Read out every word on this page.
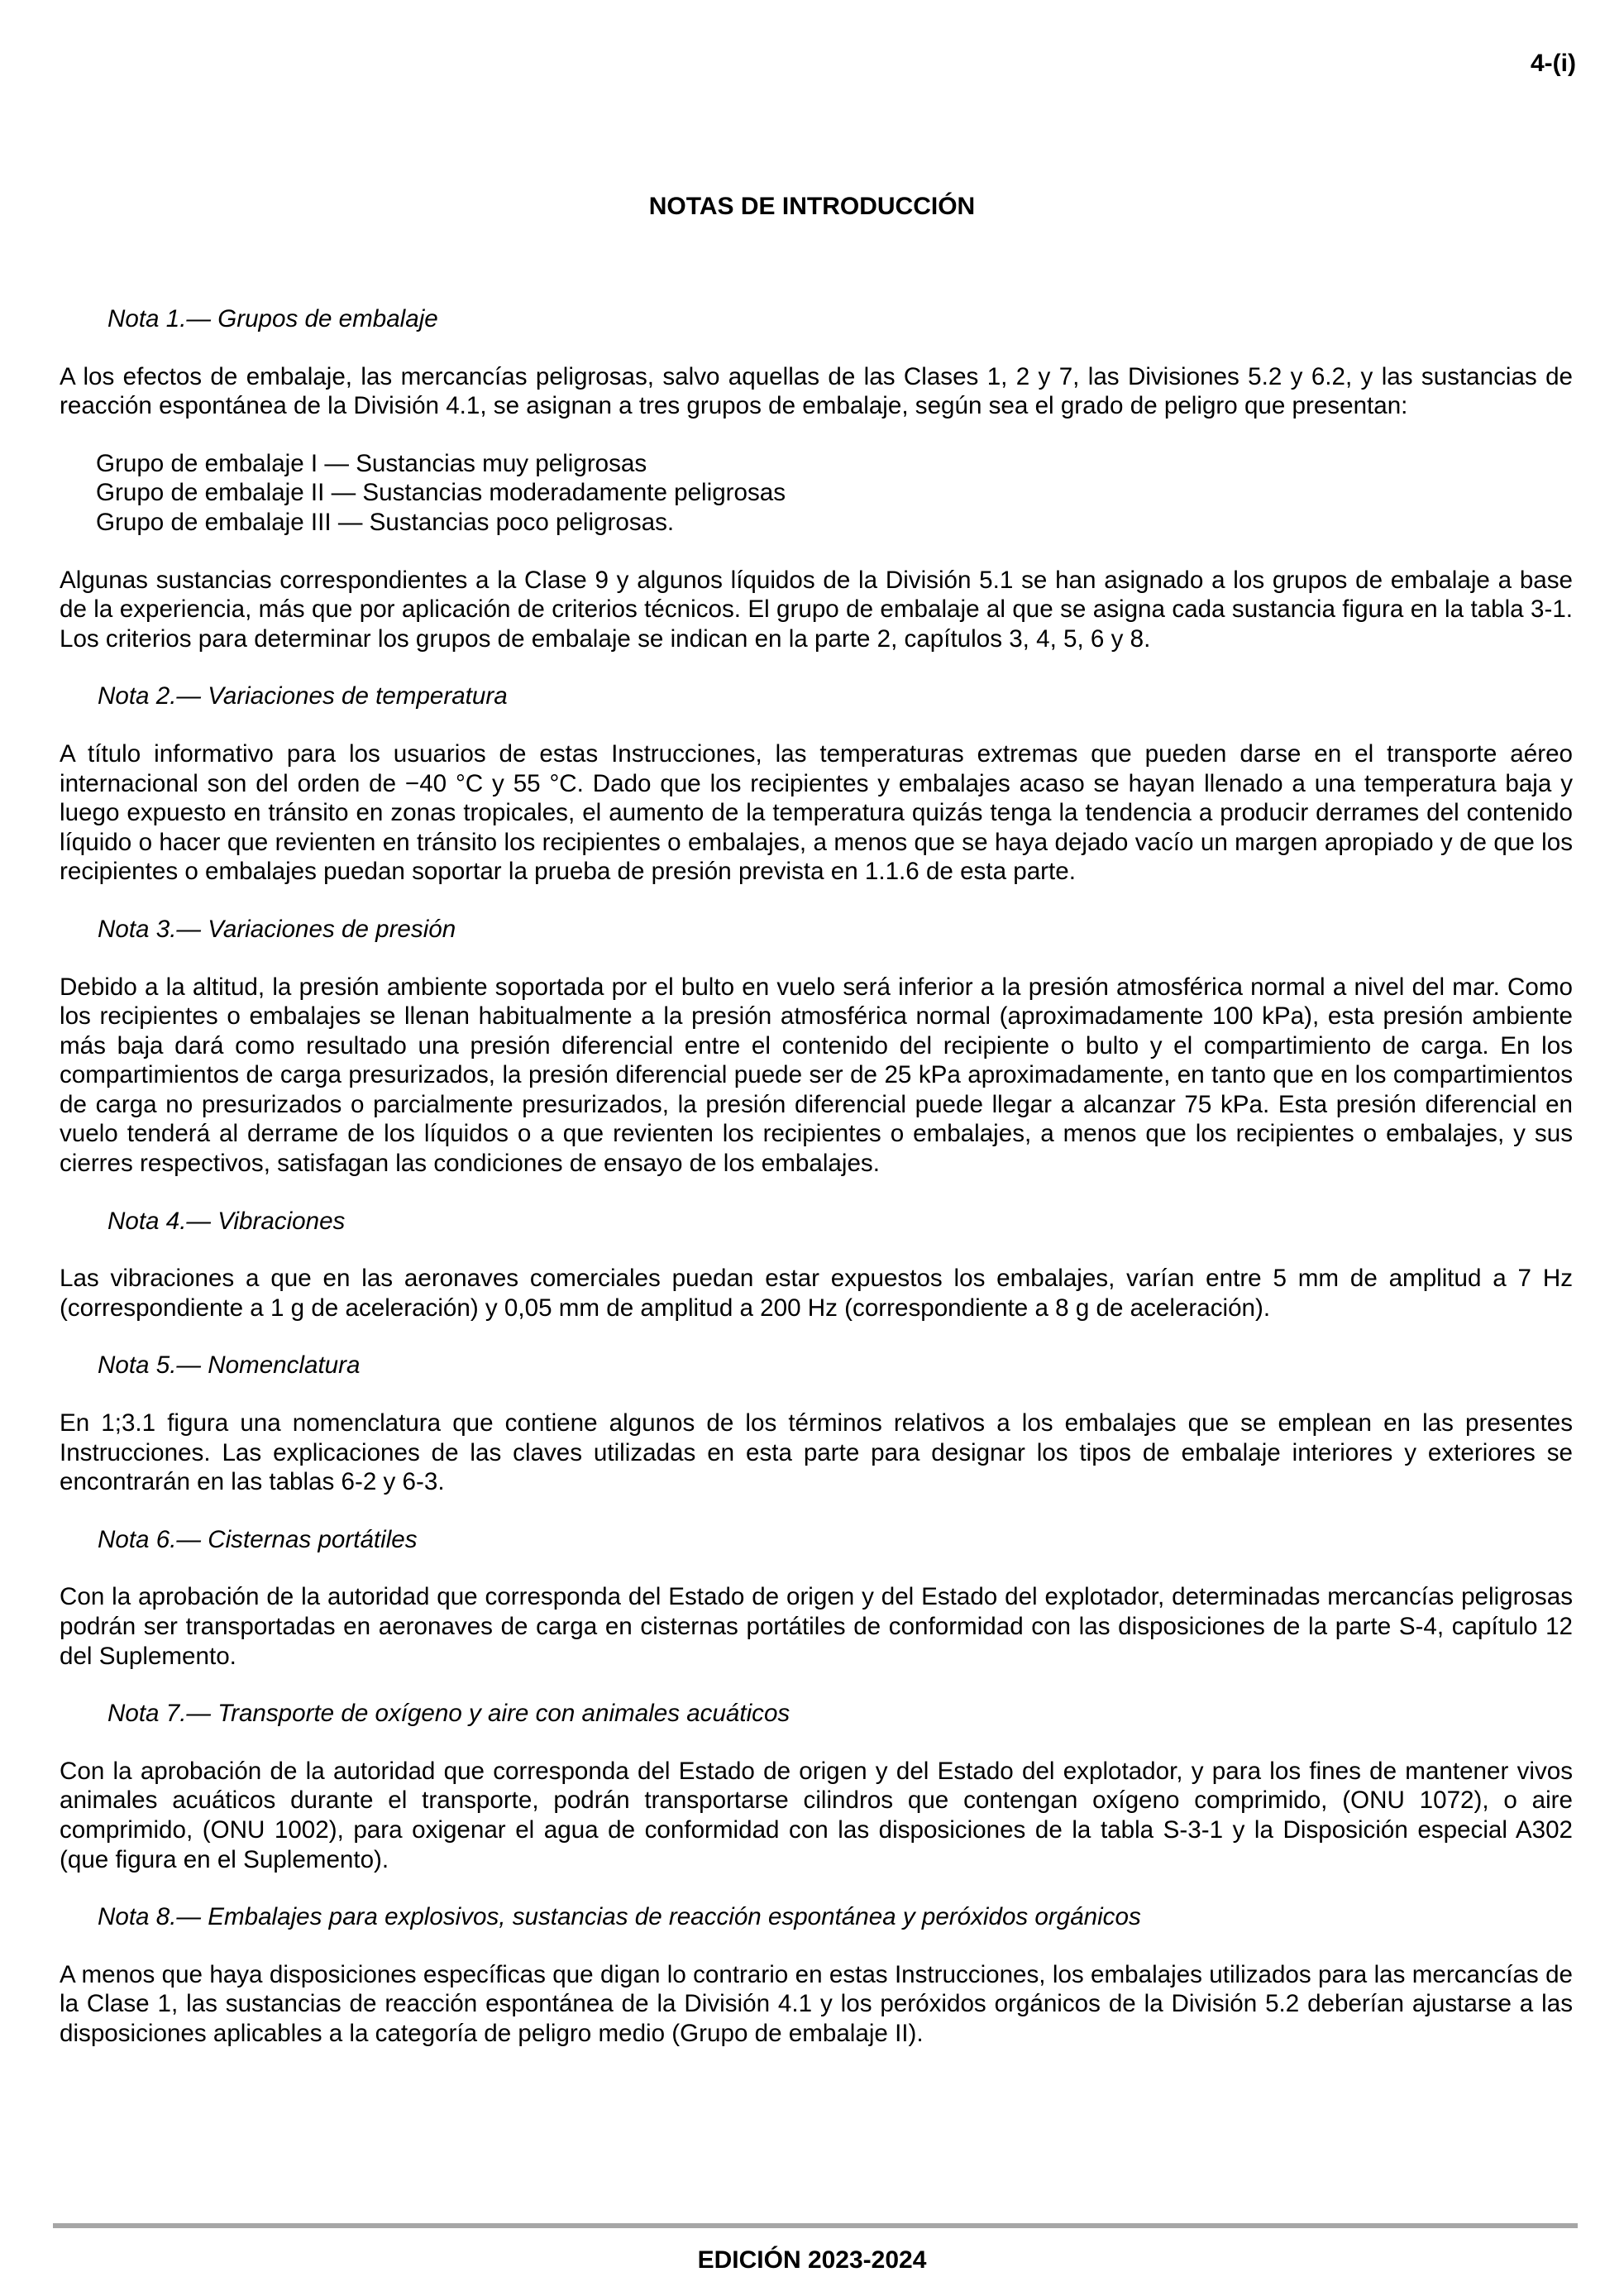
4-(i)
NOTAS DE INTRODUCCIÓN
Nota 1.— Grupos de embalaje

A los efectos de embalaje, las mercancías peligrosas, salvo aquellas de las Clases 1, 2 y 7, las Divisiones 5.2 y 6.2, y las sustancias de reacción espontánea de la División 4.1, se asignan a tres grupos de embalaje, según sea el grado de peligro que presentan:

Grupo de embalaje I — Sustancias muy peligrosas
Grupo de embalaje II — Sustancias moderadamente peligrosas
Grupo de embalaje III — Sustancias poco peligrosas.

Algunas sustancias correspondientes a la Clase 9 y algunos líquidos de la División 5.1 se han asignado a los grupos de embalaje a base de la experiencia, más que por aplicación de criterios técnicos. El grupo de embalaje al que se asigna cada sustancia figura en la tabla 3-1. Los criterios para determinar los grupos de embalaje se indican en la parte 2, capítulos 3, 4, 5, 6 y 8.

Nota 2.— Variaciones de temperatura

A título informativo para los usuarios de estas Instrucciones, las temperaturas extremas que pueden darse en el transporte aéreo internacional son del orden de −40 °C y 55 °C. Dado que los recipientes y embalajes acaso se hayan llenado a una temperatura baja y luego expuesto en tránsito en zonas tropicales, el aumento de la temperatura quizás tenga la tendencia a producir derrames del contenido líquido o hacer que revienten en tránsito los recipientes o embalajes, a menos que se haya dejado vacío un margen apropiado y de que los recipientes o embalajes puedan soportar la prueba de presión prevista en 1.1.6 de esta parte.

Nota 3.— Variaciones de presión

Debido a la altitud, la presión ambiente soportada por el bulto en vuelo será inferior a la presión atmosférica normal a nivel del mar. Como los recipientes o embalajes se llenan habitualmente a la presión atmosférica normal (aproximadamente 100 kPa), esta presión ambiente más baja dará como resultado una presión diferencial entre el contenido del recipiente o bulto y el compartimiento de carga. En los compartimientos de carga presurizados, la presión diferencial puede ser de 25 kPa aproximadamente, en tanto que en los compartimientos de carga no presurizados o parcialmente presurizados, la presión diferencial puede llegar a alcanzar 75 kPa. Esta presión diferencial en vuelo tenderá al derrame de los líquidos o a que revienten los recipientes o embalajes, a menos que los recipientes o embalajes, y sus cierres respectivos, satisfagan las condiciones de ensayo de los embalajes.

Nota 4.— Vibraciones

Las vibraciones a que en las aeronaves comerciales puedan estar expuestos los embalajes, varían entre 5 mm de amplitud a 7 Hz (correspondiente a 1 g de aceleración) y 0,05 mm de amplitud a 200 Hz (correspondiente a 8 g de aceleración).

Nota 5.— Nomenclatura

En 1;3.1 figura una nomenclatura que contiene algunos de los términos relativos a los embalajes que se emplean en las presentes Instrucciones. Las explicaciones de las claves utilizadas en esta parte para designar los tipos de embalaje interiores y exteriores se encontrarán en las tablas 6-2 y 6-3.

Nota 6.— Cisternas portátiles

Con la aprobación de la autoridad que corresponda del Estado de origen y del Estado del explotador, determinadas mercancías peligrosas podrán ser transportadas en aeronaves de carga en cisternas portátiles de conformidad con las disposiciones de la parte S-4, capítulo 12 del Suplemento.

Nota 7.— Transporte de oxígeno y aire con animales acuáticos

Con la aprobación de la autoridad que corresponda del Estado de origen y del Estado del explotador, y para los fines de mantener vivos animales acuáticos durante el transporte, podrán transportarse cilindros que contengan oxígeno comprimido, (ONU 1072), o aire comprimido, (ONU 1002), para oxigenar el agua de conformidad con las disposiciones de la tabla S-3-1 y la Disposición especial A302 (que figura en el Suplemento).

Nota 8.— Embalajes para explosivos, sustancias de reacción espontánea y peróxidos orgánicos

A menos que haya disposiciones específicas que digan lo contrario en estas Instrucciones, los embalajes utilizados para las mercancías de la Clase 1, las sustancias de reacción espontánea de la División 4.1 y los peróxidos orgánicos de la División 5.2 deberían ajustarse a las disposiciones aplicables a la categoría de peligro medio (Grupo de embalaje II).

EDICIÓN 2023-2024
